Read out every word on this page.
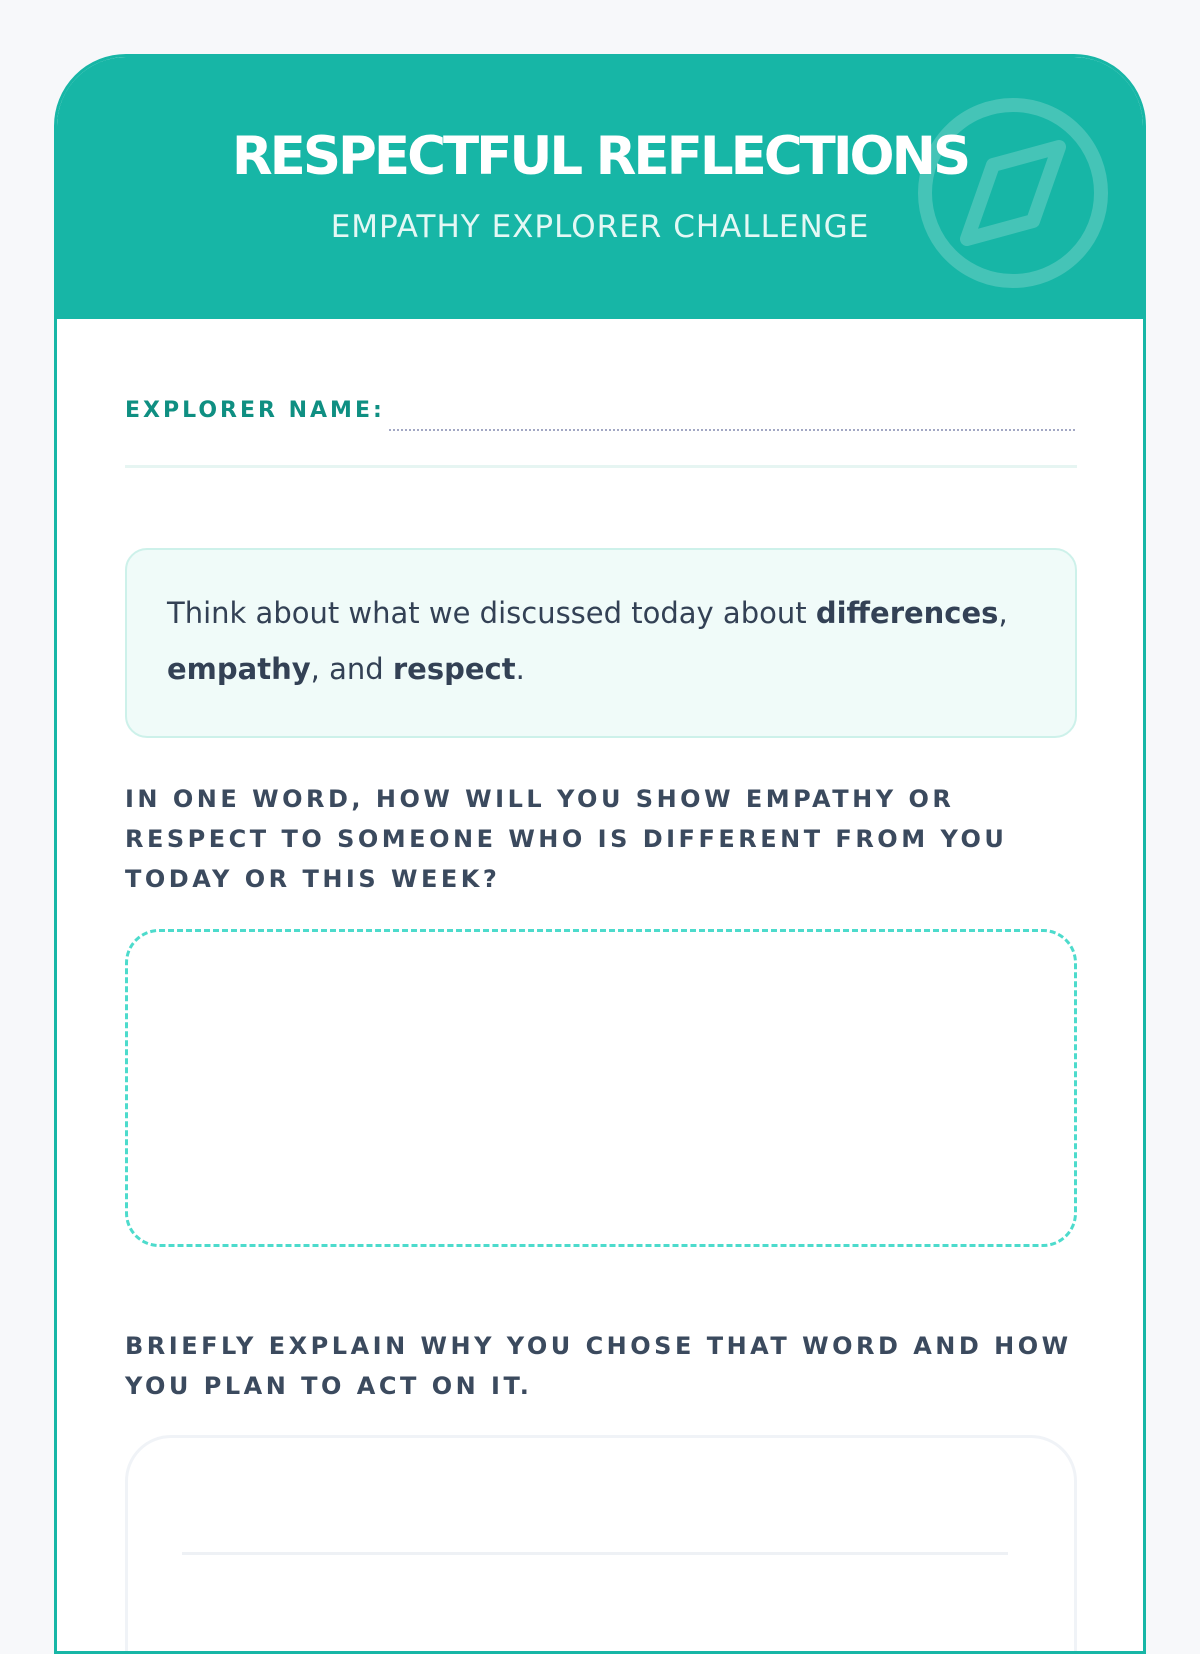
RESPECTFUL REFLECTIONS
EMPATHY EXPLORER CHALLENGE
EXPLORER NAME:
Think about what we discussed today about differences, empathy, and respect.
IN ONE WORD, HOW WILL YOU SHOW EMPATHY OR RESPECT TO SOMEONE WHO IS DIFFERENT FROM YOU TODAY OR THIS WEEK?
BRIEFLY EXPLAIN WHY YOU CHOSE THAT WORD AND HOW YOU PLAN TO ACT ON IT.
